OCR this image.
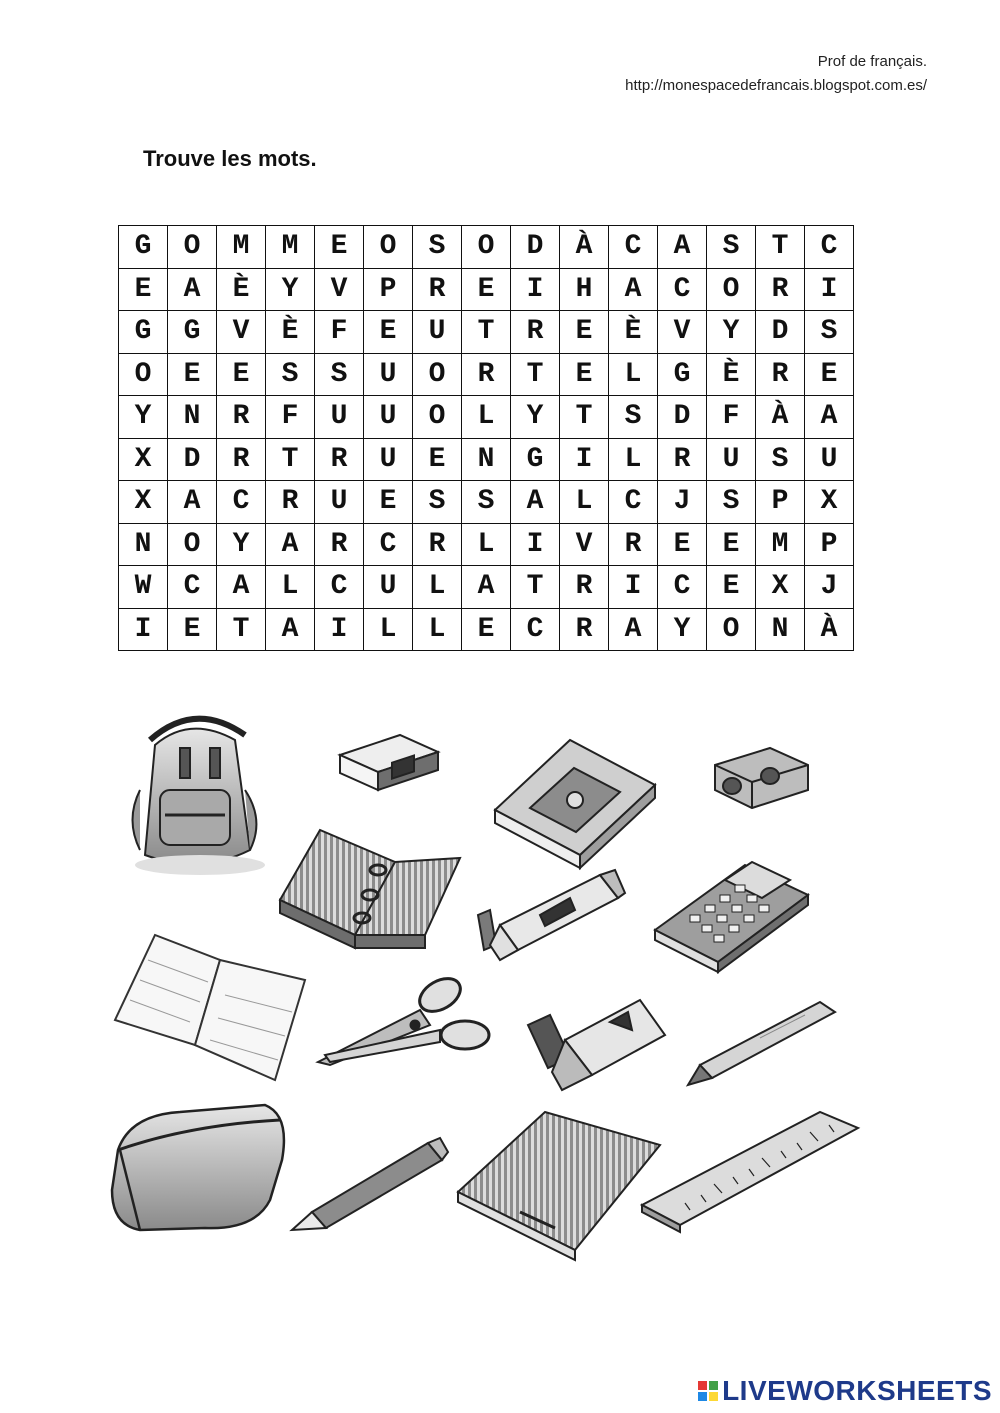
Prof de français.
http://monespacedefrancais.blogspot.com.es/
Trouve les mots.
G	O	M	M	E	O	S	O	D	À	C	A	S	T	C
E	A	È	Y	V	P	R	E	I	H	A	C	O	R	I
G	G	V	È	F	E	U	T	R	E	È	V	Y	D	S
O	E	E	S	S	U	O	R	T	E	L	G	È	R	E
Y	N	R	F	U	U	O	L	Y	T	S	D	F	À	A
X	D	R	T	R	U	E	N	G	I	L	R	U	S	U
X	A	C	R	U	E	S	S	A	L	C	J	S	P	X
N	O	Y	A	R	C	R	L	I	V	R	E	E	M	P
W	C	A	L	C	U	L	A	T	R	I	C	E	X	J
I	E	T	A	I	L	L	E	C	R	A	Y	O	N	À
LIVEWORKSHEETS
